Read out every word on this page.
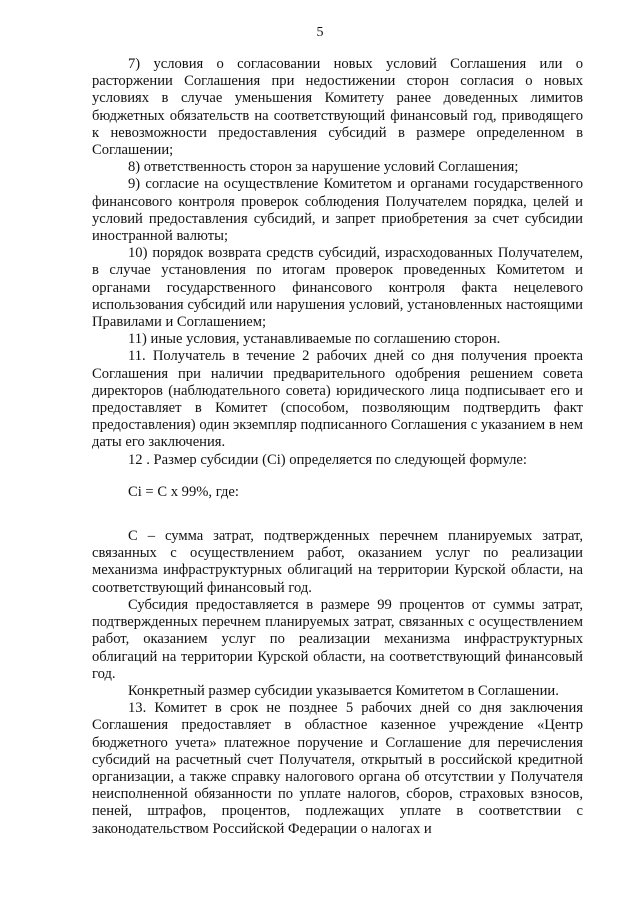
5

7) условия о согласовании новых условий Соглашения или о расторжении Соглашения при недостижении сторон согласия о новых условиях в случае уменьшения Комитету ранее доведенных лимитов бюджетных обязательств на соответствующий финансовый год, приводящего к невозможности предоставления субсидий в размере определенном в Соглашении;

8) ответственность сторон за нарушение условий Соглашения;

9) согласие на осуществление Комитетом и органами государственного финансового контроля проверок соблюдения Получателем порядка, целей и условий предоставления субсидий, и запрет приобретения за счет субсидии иностранной валюты;

10) порядок возврата средств субсидий, израсходованных Получателем, в случае установления по итогам проверок проведенных Комитетом и органами государственного финансового контроля факта нецелевого использования субсидий или нарушения условий, установленных настоящими Правилами и Соглашением;

11) иные условия, устанавливаемые по соглашению сторон.

11. Получатель в течение 2 рабочих дней со дня получения проекта Соглашения при наличии предварительного одобрения решением совета директоров (наблюдательного совета) юридического лица подписывает его и предоставляет в Комитет (способом, позволяющим подтвердить факт предоставления) один экземпляр подписанного Соглашения с указанием в нем даты его заключения.

12 . Размер субсидии (Ci) определяется по следующей формуле:

Ci = C x 99%, где:

С – сумма затрат, подтвержденных перечнем планируемых затрат, связанных с осуществлением работ, оказанием услуг по реализации механизма инфраструктурных облигаций на территории Курской области, на соответствующий финансовый год.

Субсидия предоставляется в размере 99 процентов от суммы затрат, подтвержденных перечнем планируемых затрат, связанных с осуществлением работ, оказанием услуг по реализации механизма инфраструктурных облигаций на территории Курской области, на соответствующий финансовый год.

Конкретный размер субсидии указывается Комитетом в Соглашении.

13. Комитет в срок не позднее 5 рабочих дней со дня заключения Соглашения предоставляет в областное казенное учреждение «Центр бюджетного учета» платежное поручение и Соглашение для перечисления субсидий на расчетный счет Получателя, открытый в российской кредитной организации, а также справку налогового органа об отсутствии у Получателя неисполненной обязанности по уплате налогов, сборов, страховых взносов, пеней, штрафов, процентов, подлежащих уплате в соответствии с законодательством Российской Федерации о налогах и
